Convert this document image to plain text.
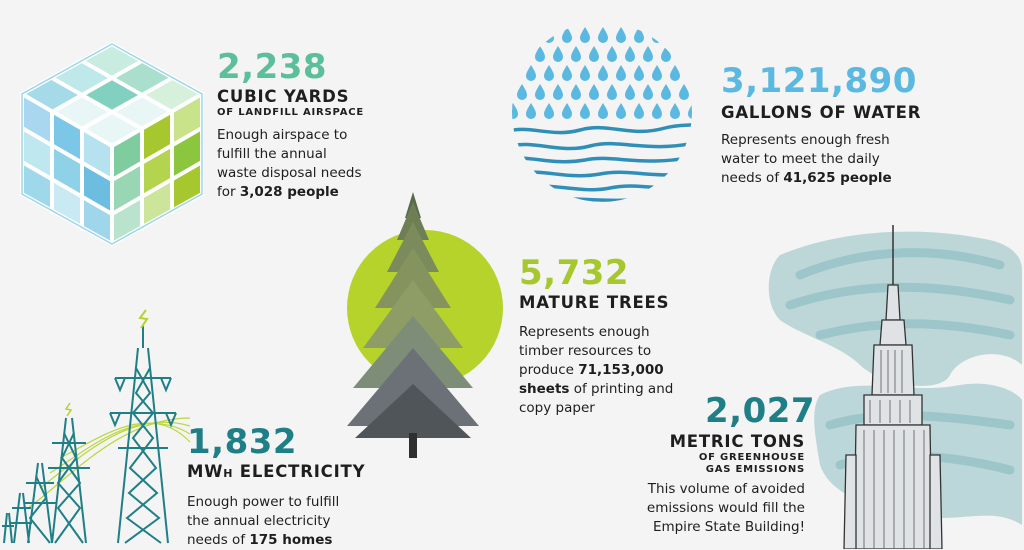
2,238
CUBIC YARDS
OF LANDFILL AIRSPACE
Enough airspace to fulfill the annual waste disposal needs for 3,028 people
3,121,890
GALLONS OF WATER
Represents enough fresh water to meet the daily needs of 41,625 people
5,732
MATURE TREES
Represents enough timber resources to produce 71,153,000 sheets of printing and copy paper
1,832
MWH ELECTRICITY
Enough power to fulfill the annual electricity needs of 175 homes
2,027
METRIC TONS
OF GREENHOUSE
GAS EMISSIONS
This volume of avoided emissions would fill the Empire State Building!
